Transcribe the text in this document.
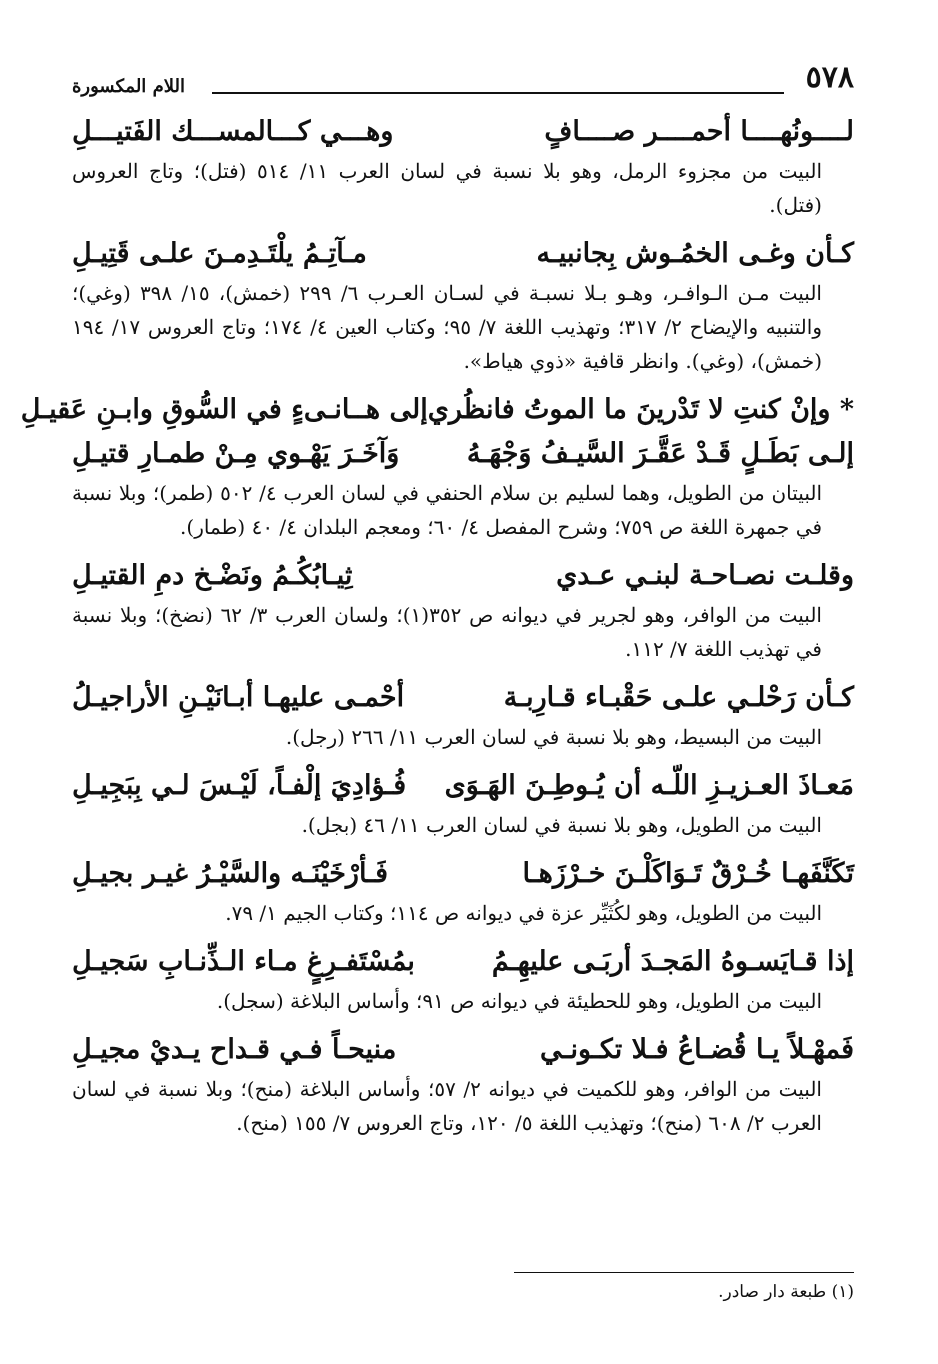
٥٧٨
اللام المكسورة
لــــونُهــــا أحمــــر صــــافٍ
وهـــي كـــالمســـك الفَتيـــلِ
البيت من مجزوء الرمل، وهو بلا نسبة في لسان العرب ١١/ ٥١٤ (فتل)؛ وتاج العروس (فتل).
كـأن وغـى الخمُـوش بِجانبيـه
مـآتِـمُ يلْتَـدِمـنَ علـى قَتِيـلِ
البيت مـن الـوافـر، وهـو بـلا نسبـة في لسـان العـرب ٦/ ٢٩٩ (خمش)، ١٥/ ٣٩٨ (وغي)؛ والتنبيه والإيضاح ٢/ ٣١٧؛ وتهذيب اللغة ٧/ ٩٥؛ وكتاب العين ٤/ ١٧٤؛ وتاج العروس ١٧/ ١٩٤ (خمش)، (وغي). وانظر قافية «ذوي هياط».
* وإنْ كنتِ لا تَدْرينَ ما الموتُ فانظُري
إلى هــانـىءٍ في السُّوقِ وابـنِ عَقيـلِ
إلـى بَطَـلٍ قَـدْ عَقَّـرَ السَّيـفُ وَجْهَـهُ
وَآخَـرَ يَهْـوي مِـنْ طمـارِ قتيـلِ
البيتان من الطويل، وهما لسليم بن سلام الحنفي في لسان العرب ٤/ ٥٠٢ (طمر)؛ وبلا نسبة في جمهرة اللغة ص ٧٥٩؛ وشرح المفصل ٤/ ٦٠؛ ومعجم البلدان ٤/ ٤٠ (طمار).
وقلـت نصـاحـة لبنـي عـدي
ثِيـابُكُـمُ ونَضْـخ دمِ القتيـلِ
البيت من الوافر، وهو لجرير في ديوانه ص ٣٥٢(١)؛ ولسان العرب ٣/ ٦٢ (نضخ)؛ وبلا نسبة في تهذيب اللغة ٧/ ١١٢.
كـأن رَحْلـي علـى حَقْبـاء قـارِبـة
أحْمـى عليهـا أبـانَيْـنِ الأراجيـلُ
البيت من البسيط، وهو بلا نسبة في لسان العرب ١١/ ٢٦٦ (رجل).
مَعـاذَ العـزيـزِ اللّـه أن يُـوطِـنَ الهَـوَى
فُـؤادِيَ إلْفـاً، لَيْـسَ لـي بِبَجِيـلِ
البيت من الطويل، وهو بلا نسبة في لسان العرب ١١/ ٤٦ (بجل).
تَكَنَّفَهـا خُـرْقٌ تَـوَاكَلْـنَ خـرْزَهـا
فَـأرْخَيْنَـه والسَّيْـرُ غيـر بجيـلِ
البيت من الطويل، وهو لكُثَيِّر عزة في ديوانه ص ١١٤؛ وكتاب الجيم ١/ ٧٩.
إذا قـايَسـوهُ المَجـدَ أربَـى عليهِـمُ
بمُسْتَفـرِغٍ مـاء الـذِّنـابِ سَجيـلِ
البيت من الطويل، وهو للحطيئة في ديوانه ص ٩١؛ وأساس البلاغة (سجل).
فَمهْـلاً يـا قُضـاعُ فـلا تكـونـي
منيحـاً فـي قـداح يـديْ مجيـلِ
البيت من الوافر، وهو للكميت في ديوانه ٢/ ٥٧؛ وأساس البلاغة (منح)؛ وبلا نسبة في لسان العرب ٢/ ٦٠٨ (منح)؛ وتهذيب اللغة ٥/ ١٢٠، وتاج العروس ٧/ ١٥٥ (منح).
(١) طبعة دار صادر.
